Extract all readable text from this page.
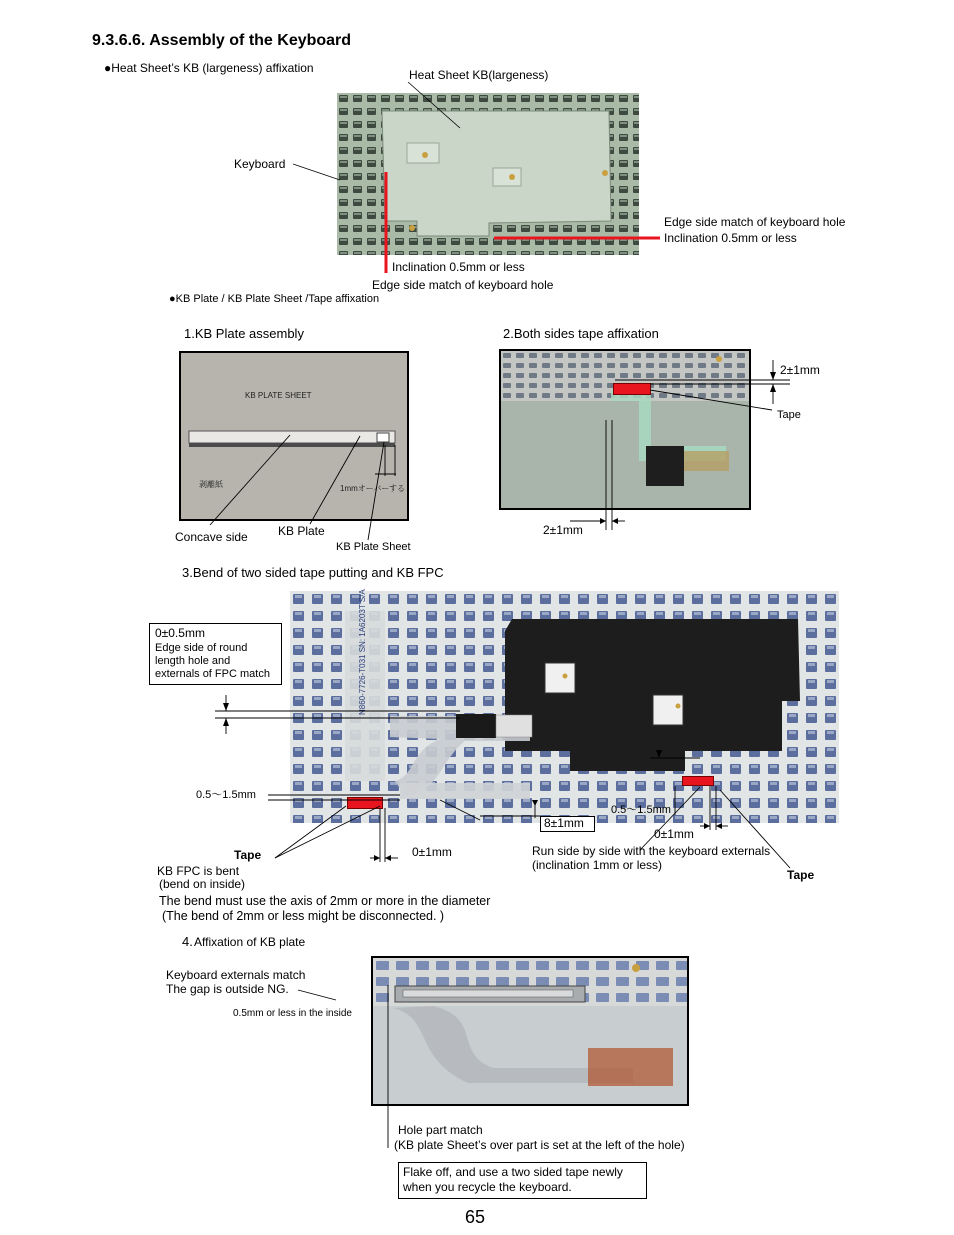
9.3.6.6. Assembly of the Keyboard
●Heat Sheet’s KB (largeness) affixation	Heat Sheet KB(largeness)
Keyboard
Edge side match of keyboard hole
Inclination 0.5mm or less
Inclination 0.5mm or less
Edge side match of keyboard hole
●KB Plate / KB Plate Sheet /Tape affixation
1.KB Plate assembly
KB PLATE SHEET
剥離紙	1mmオーバーする
Concave side	KB Plate
KB Plate Sheet
2.Both sides tape affixation
2±1mm
Tape
2±1mm
3.Bend of two sided tape putting and KB FPC
N860-7726-T031 SN: 1A6203T S/A
0±0.5mm
Edge side of round
length hole and
externals of FPC match
0.5～1.5mm
0.5～1.5mm
8±1mm
0±1mm
0±1mm
Tape
KB FPC is bent
(bend on inside)
Run side by side with the keyboard externals
(inclination 1mm or less)
Tape
The bend must use the axis of 2mm or more in the diameter
(The bend of 2mm or less might be disconnected. )
4. Affixation of KB plate
Keyboard externals match
The gap is outside NG.
0.5mm or less in the inside
Hole part match
(KB plate Sheet’s over part is set at the left of the hole)
Flake off, and use a two sided tape newly
when you recycle the keyboard.
65
